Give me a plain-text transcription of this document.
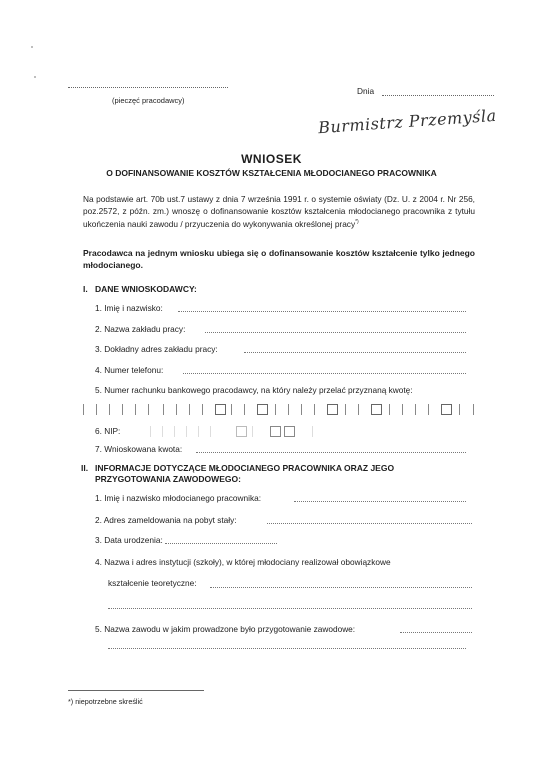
(pieczęć pracodawcy)
Dnia
Burmistrz Przemyśla
WNIOSEK
O DOFINANSOWANIE KOSZTÓW KSZTAŁCENIA MŁODOCIANEGO PRACOWNIKA
Na podstawie art. 70b ust.7 ustawy z dnia 7 września 1991 r. o systemie oświaty (Dz. U. z 2004 r. Nr 256, poz.2572, z późn. zm.) wnoszę o dofinansowanie kosztów kształcenia młodocianego pracownika z tytułu ukończenia nauki zawodu / przyuczenia do wykonywania określonej pracy*)
Pracodawca na jednym wniosku ubiega się o dofinansowanie kosztów kształcenie tylko jednego młodocianego.
I. DANE WNIOSKODAWCY:
1. Imię i nazwisko:
2. Nazwa zakładu pracy:
3. Dokładny adres zakładu pracy:
4. Numer telefonu:
5. Numer rachunku bankowego pracodawcy, na który należy przelać przyznaną kwotę:
6. NIP:
7. Wnioskowana kwota:
II. INFORMACJE DOTYCZĄCE MŁODOCIANEGO PRACOWNIKA ORAZ JEGO
PRZYGOTOWANIA ZAWODOWEGO:
1. Imię i nazwisko młodocianego pracownika:
2. Adres zameldowania na pobyt stały:
3. Data urodzenia:
4. Nazwa i adres instytucji (szkoły), w której młodociany realizował obowiązkowe
kształcenie teoretyczne:
5. Nazwa zawodu w jakim prowadzone było przygotowanie zawodowe:
*) niepotrzebne skreślić
